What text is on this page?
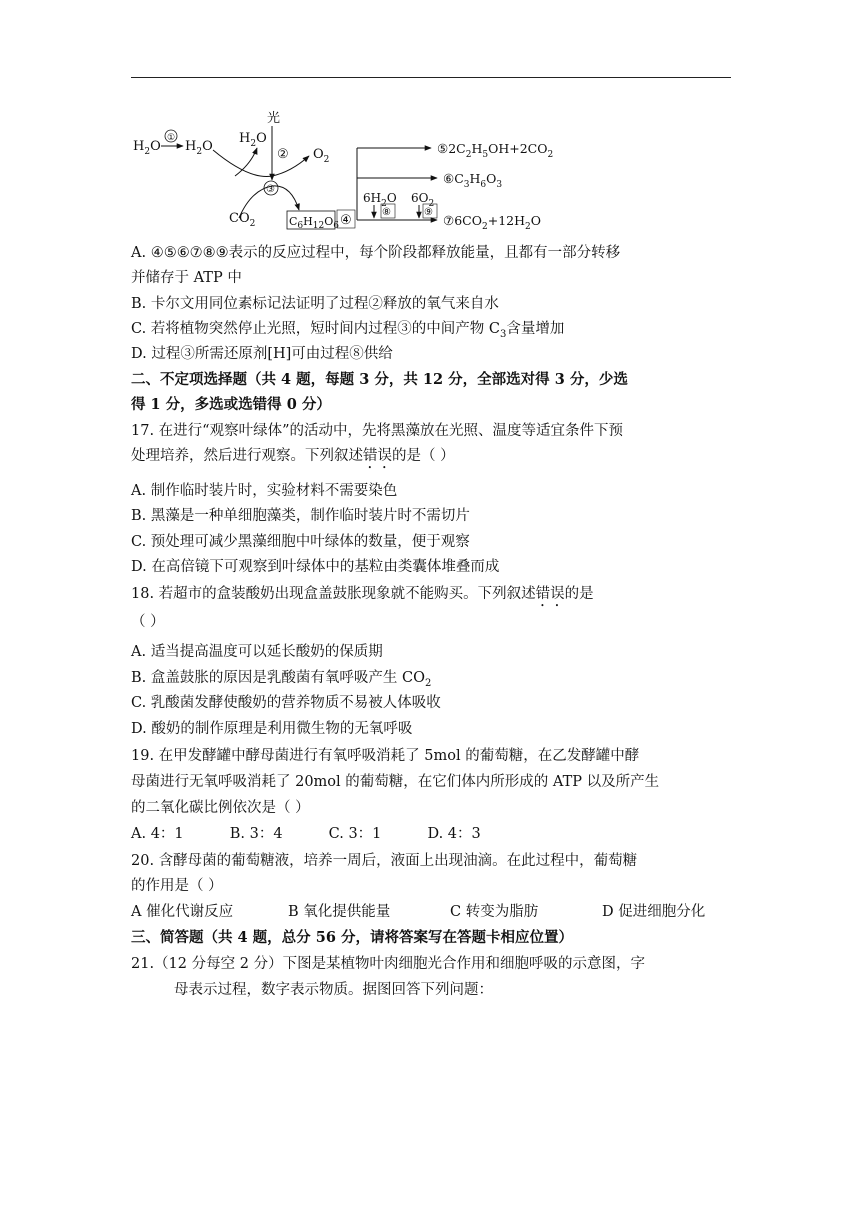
$H_2O$
①
$H_2O$
$H_2O$
光
② $O_2$
③
$CO_2$	$C_6H_{12}O_6$ ④
$6H_2O$ $6O_2$
⑧	⑨
$⑤2C_2H_5OH+2CO_2$
$⑥C_3H_6O_3$
$⑦6CO_2+12H_2O$
A. ④⑤⑥⑦⑧⑨表示的反应过程中，每个阶段都释放能量，且都有一部分转移
并储存于 ATP 中
B. 卡尔文用同位素标记法证明了过程②释放的氧气来自水
C. 若将植物突然停止光照，短时间内过程③的中间产物 $C_3$含量增加
D. 过程③所需还原剂[H]可由过程⑧供给
二、不定项选择题（共 4 题，每题 3 分，共 12 分，全部选对得 3 分，少选
得 1 分，多选或选错得 0 分）
17. 在进行“观察叶绿体”的活动中，先将黑藻放在光照、温度等适宜条件下预
处理培养，然后进行观察。下列叙述错误的是（ ）
A. 制作临时装片时，实验材料不需要染色
B. 黑藻是一种单细胞藻类，制作临时装片时不需切片
C. 预处理可减少黑藻细胞中叶绿体的数量，便于观察
D. 在高倍镜下可观察到叶绿体中的基粒由类囊体堆叠而成
18. 若超市的盒装酸奶出现盒盖鼓胀现象就不能购买。下列叙述错误的是
（ ）
A. 适当提高温度可以延长酸奶的保质期
B. 盒盖鼓胀的原因是乳酸菌有氧呼吸产生 $CO_2$
C. 乳酸菌发酵使酸奶的营养物质不易被人体吸收
D. 酸奶的制作原理是利用微生物的无氧呼吸
19. 在甲发酵罐中酵母菌进行有氧呼吸消耗了 5mol 的葡萄糖，在乙发酵罐中酵
母菌进行无氧呼吸消耗了 20mol 的葡萄糖，在它们体内所形成的 ATP 以及所产生
的二氧化碳比例依次是（ ）
A. 4：1          B. 3：4          C. 3：1          D. 4：3
20. 含酵母菌的葡萄糖液，培养一周后，液面上出现油滴。在此过程中，葡萄糖
的作用是（ ）
A 催化代谢反应	B 氧化提供能量	C 转变为脂肪	D 促进细胞分化
三、简答题（共 4 题，总分 56 分，请将答案写在答题卡相应位置）
21.（12 分每空 2 分）下图是某植物叶肉细胞光合作用和细胞呼吸的示意图，字
母表示过程，数字表示物质。据图回答下列问题：
